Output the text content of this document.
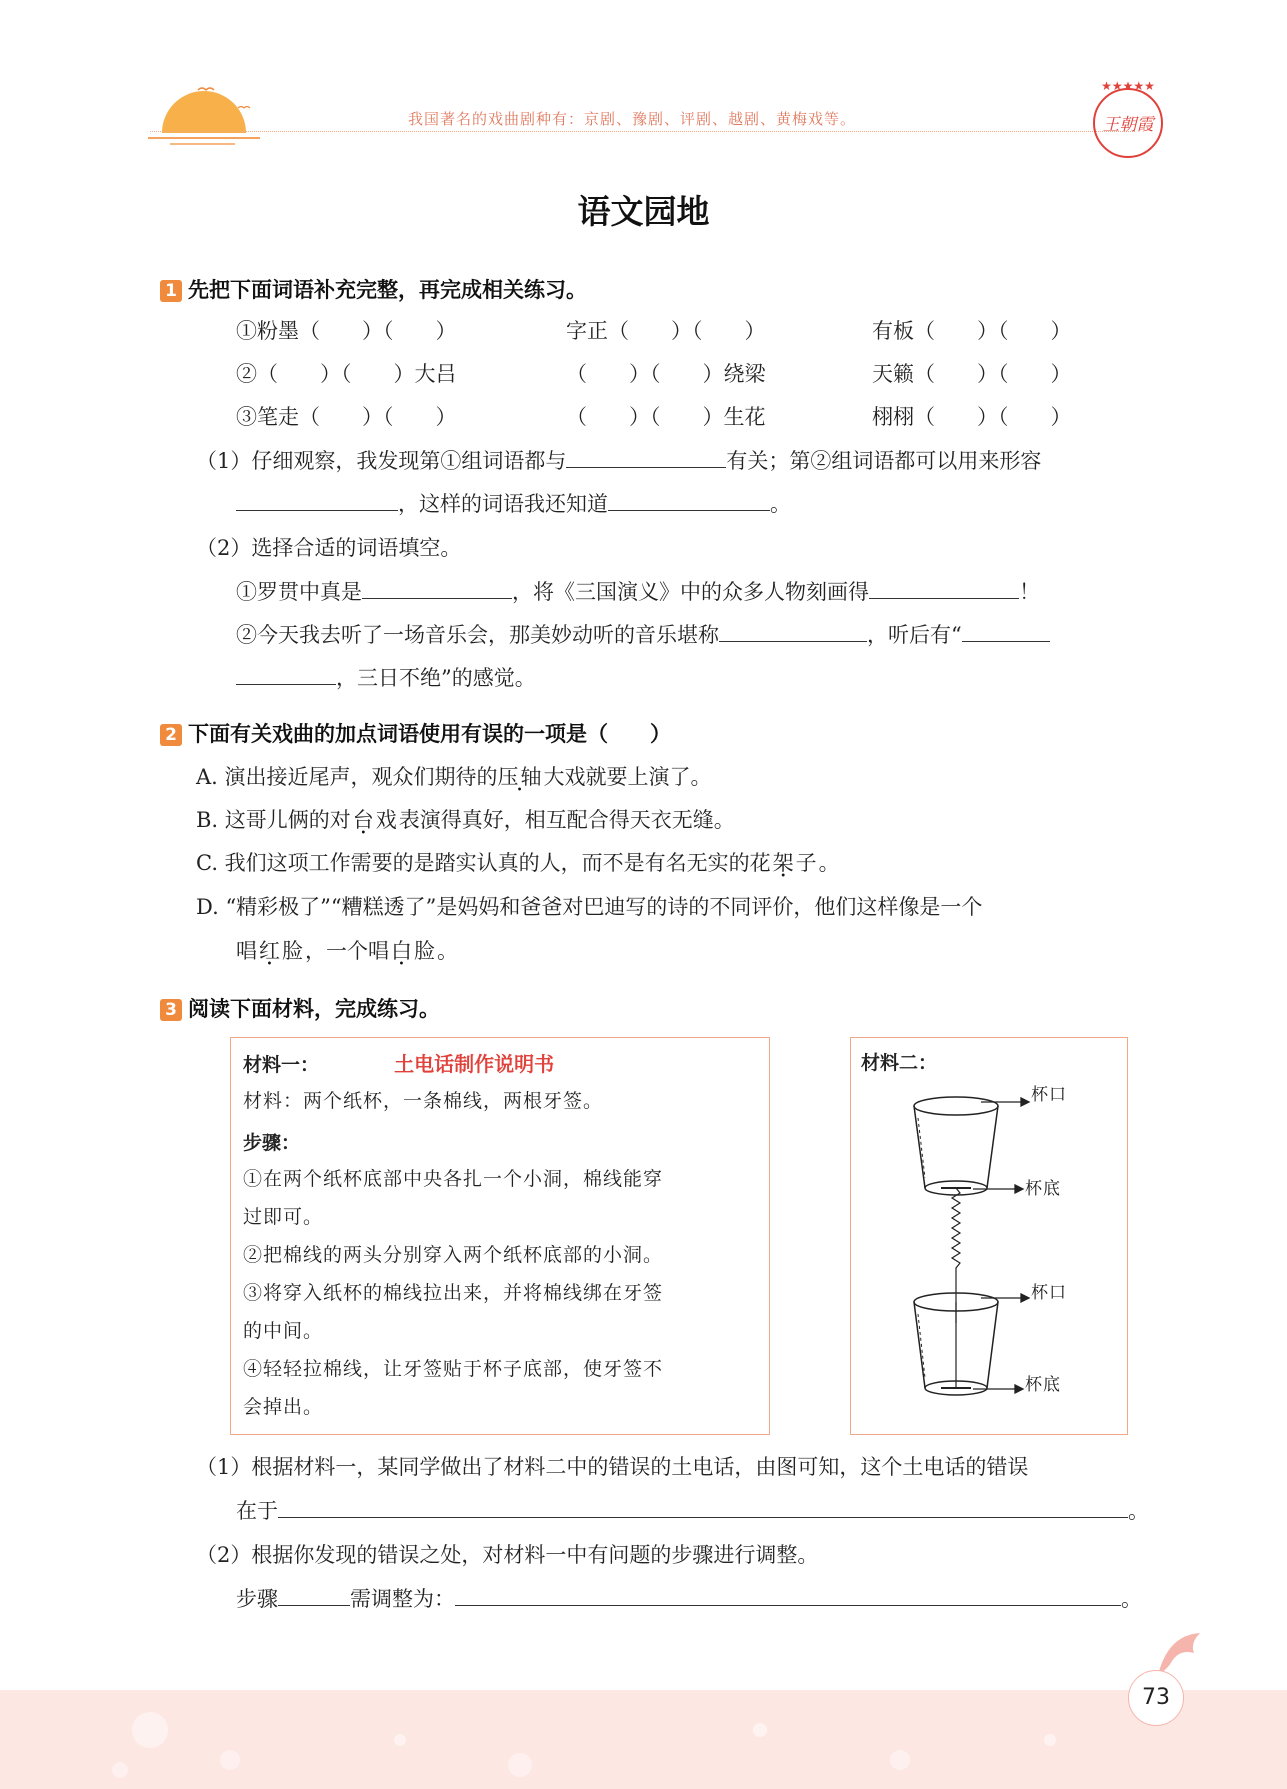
我国著名的戏曲剧种有：京剧、豫剧、评剧、越剧、黄梅戏等。
★★★★★
王朝霞
语文园地
1 先把下面词语补充完整，再完成相关练习。
①粉墨（　　）（　　）	字正（　　）（　　）	有板（　　）（　　）
②（　　）（　　）大吕	（　　）（　　）绕梁	天籁（　　）（　　）
③笔走（　　）（　　）	（　　）（　　）生花	栩栩（　　）（　　）
（1）仔细观察，我发现第①组词语都与	有关；第②组词语都可以用来形容
，这样的词语我还知道	。
（2）选择合适的词语填空。
①罗贯中真是	，将《三国演义》中的众多人物刻画得	！
②今天我去听了一场音乐会，那美妙动听的音乐堪称	，听后有“
，三日不绝”的感觉。
2 下面有关戏曲的加点词语使用有误的一项是（　　）
A. 演出接近尾声，观众们期待的压轴大戏就要上演了。
B. 这哥儿俩的对台戏表演得真好，相互配合得天衣无缝。
C. 我们这项工作需要的是踏实认真的人，而不是有名无实的花架子。
D. “精彩极了”“糟糕透了”是妈妈和爸爸对巴迪写的诗的不同评价，他们这样像是一个
唱红脸，一个唱白脸。
3 阅读下面材料，完成练习。
材料一：	土电话制作说明书
材料：两个纸杯，一条棉线，两根牙签。
步骤：
①在两个纸杯底部中央各扎一个小洞，棉线能穿
过即可。
②把棉线的两头分别穿入两个纸杯底部的小洞。
③将穿入纸杯的棉线拉出来，并将棉线绑在牙签
的中间。
④轻轻拉棉线，让牙签贴于杯子底部，使牙签不
会掉出。
材料二：
杯口
杯底
杯口
杯底
（1）根据材料一，某同学做出了材料二中的错误的土电话，由图可知，这个土电话的错误
在于	。
（2）根据你发现的错误之处，对材料一中有问题的步骤进行调整。
步骤	需调整为：	。
73
